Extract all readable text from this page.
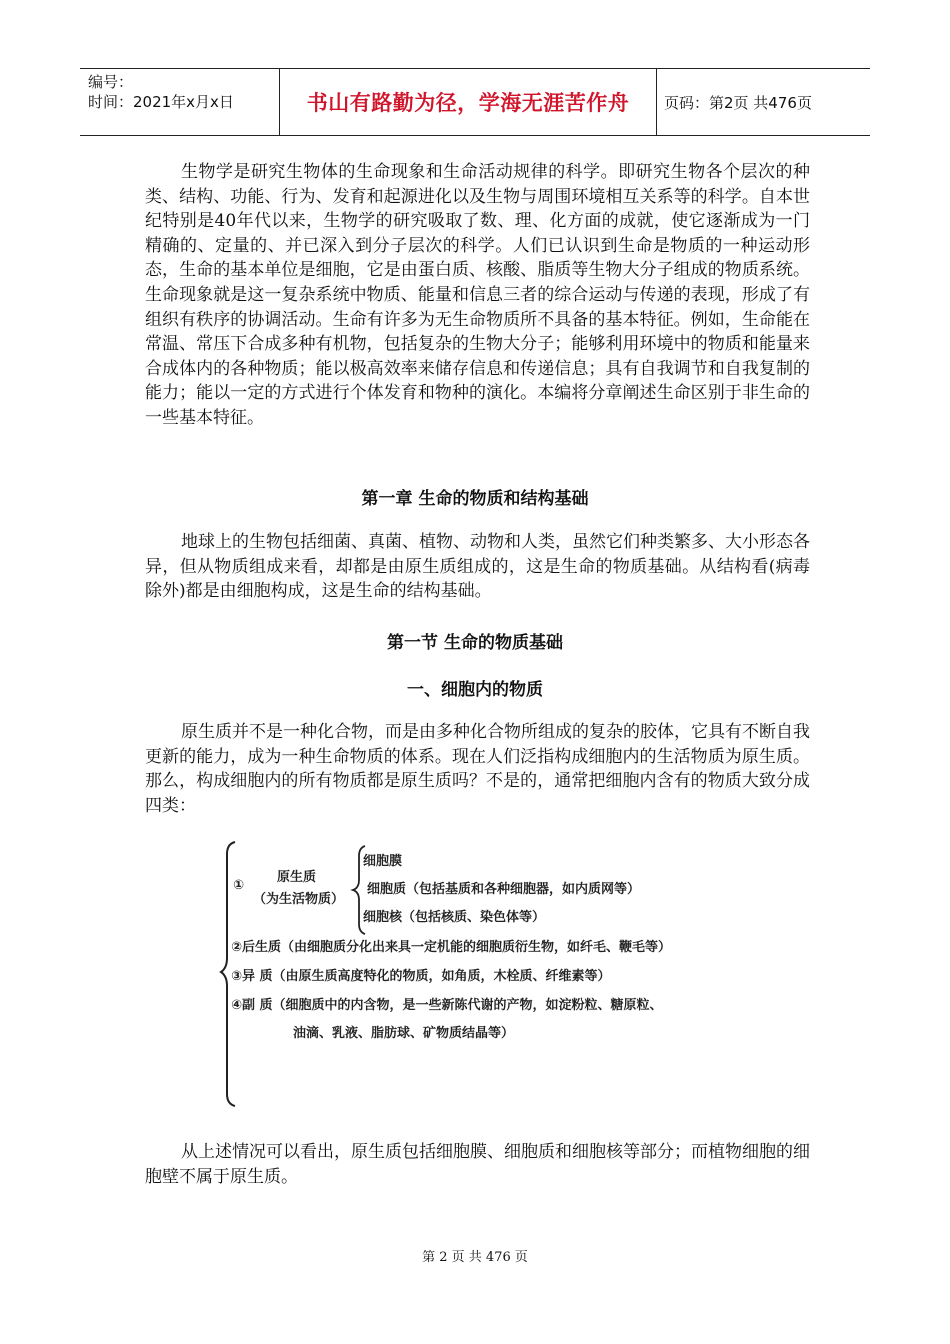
编号：
时间：2021年x月x日	书山有路勤为径，学海无涯苦作舟	页码：第2页 共476页

生物学是研究生物体的生命现象和生命活动规律的科学。即研究生物各个层次的种类、结构、功能、行为、发育和起源进化以及生物与周围环境相互关系等的科学。自本世纪特别是40年代以来，生物学的研究吸取了数、理、化方面的成就，使它逐渐成为一门精确的、定量的、并已深入到分子层次的科学。人们已认识到生命是物质的一种运动形态，生命的基本单位是细胞，它是由蛋白质、核酸、脂质等生物大分子组成的物质系统。生命现象就是这一复杂系统中物质、能量和信息三者的综合运动与传递的表现，形成了有组织有秩序的协调活动。生命有许多为无生命物质所不具备的基本特征。例如，生命能在常温、常压下合成多种有机物，包括复杂的生物大分子；能够利用环境中的物质和能量来合成体内的各种物质；能以极高效率来储存信息和传递信息；具有自我调节和自我复制的能力；能以一定的方式进行个体发育和物种的演化。本编将分章阐述生命区别于非生命的一些基本特征。

第一章 生命的物质和结构基础

地球上的生物包括细菌、真菌、植物、动物和人类，虽然它们种类繁多、大小形态各异，但从物质组成来看，却都是由原生质组成的，这是生命的物质基础。从结构看(病毒除外)都是由细胞构成，这是生命的结构基础。

第一节 生命的物质基础
一、细胞内的物质

原生质并不是一种化合物，而是由多种化合物所组成的复杂的胶体，它具有不断自我更新的能力，成为一种生命物质的体系。现在人们泛指构成细胞内的生活物质为原生质。那么，构成细胞内的所有物质都是原生质吗？不是的，通常把细胞内含有的物质大致分成四类：

①
原生质
（为生活物质）
细胞膜
细胞质（包括基质和各种细胞器，如内质网等）
细胞核（包括核质、染色体等）
②后生质（由细胞质分化出来具一定机能的细胞质衍生物，如纤毛、鞭毛等）
③异 质（由原生质高度特化的物质，如角质，木栓质、纤维素等）
④副 质（细胞质中的内含物，是一些新陈代谢的产物，如淀粉粒、糖原粒、
油滴、乳液、脂肪球、矿物质结晶等）

从上述情况可以看出，原生质包括细胞膜、细胞质和细胞核等部分；而植物细胞的细胞壁不属于原生质。

第 2 页 共 476 页
